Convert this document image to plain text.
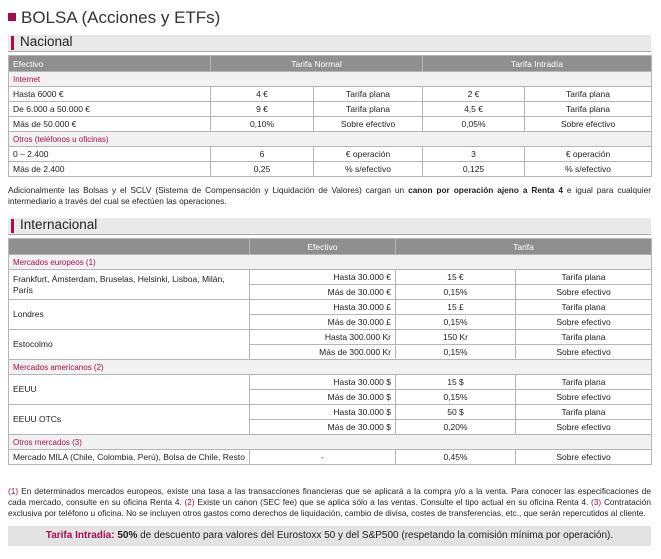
BOLSA (Acciones y ETFs)
Nacional
Efectivo	Tarifa Normal		Tarifa Intradía	
Internet				
Hasta 6000 €	4 €	Tarifa plana	2 €	Tarifa plana
De 6.000 a 50.000 €	9 €	Tarifa plana	4,5 €	Tarifa plana
Más de 50.000 €	0,10%	Sobre efectivo	0,05%	Sobre efectivo
Otros (teléfonos u oficinas)				
0 – 2.400	6	€ operación	3	€ operación
Más de 2.400	0,25	% s/efectivo	0,125	% s/efectivo
Adicionalmente las Bolsas y el SCLV (Sistema de Compensación y Liquidación de Valores) cargan un canon por operación ajeno a Renta 4 e igual para cualquier intermediario a través del cual se efectúen las operaciones.
Internacional
	Efectivo	Tarifa	
Mercados europeos (1)			
Frankfurt, Ámsterdam, Bruselas, Helsinki, Lisboa, Milán, París	Hasta 30.000 €	15 €	Tarifa plana
	Más de 30.000 €	0,15%	Sobre efectivo
Londres	Hasta 30.000 £	15 £	Tarifa plana
	Más de 30.000 £	0,15%	Sobre efectivo
Estocolmo	Hasta 300.000 Kr	150 Kr	Tarifa plana
	Más de 300.000 Kr	0,15%	Sobre efectivo
Mercados americanos (2)			
EEUU	Hasta 30.000 $	15 $	Tarifa plana
	Más de 30.000 $	0,15%	Sobre efectivo
EEUU OTCs	Hasta 30.000 $	50 $	Tarifa plana
	Más de 30.000 $	0,20%	Sobre efectivo
Otros mercados (3)			
Mercado MILA (Chile, Colombia, Perú), Bolsa de Chile, Resto	-	0,45%	Sobre efectivo
(1) En determinados mercados europeos, existe una tasa a las transacciones financieras que se aplicará a la compra y/o a la venta. Para conocer las especificaciones de cada mercado, consulte en su oficina Renta 4. (2) Existe un canon (SEC fee) que se aplica sólo a las ventas. Consulte el tipo actual en su oficina Renta 4. (3) Contratación exclusiva por teléfono u oficina. No se incluyen otros gastos como derechos de liquidación, cambio de divisa, costes de transferencias, etc., que serán repercutidos al cliente.
Tarifa Intradía: 50% de descuento para valores del Eurostoxx 50 y del S&P500 (respetando la comisión mínima por operación).
